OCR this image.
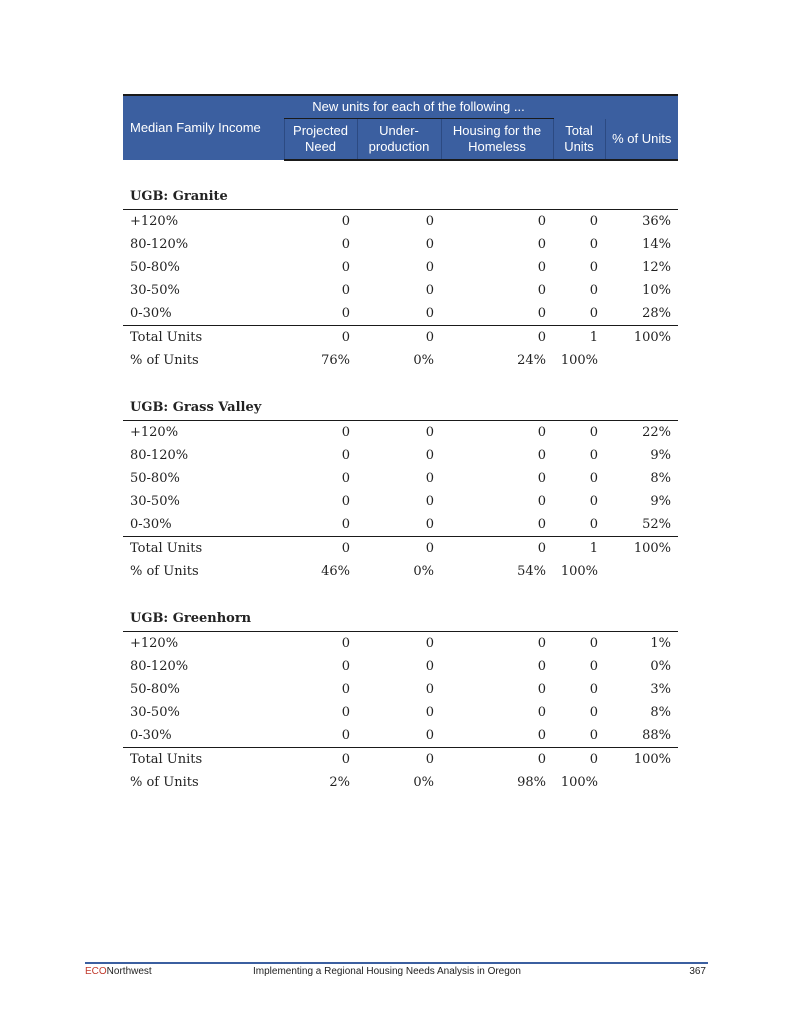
Median Family Income	New units for each of the following ...				
	Projected Need	Under-production	Housing for the Homeless	Total Units	% of Units

UGB: Granite					
+120%	0	0	0	0	36%
80-120%	0	0	0	0	14%
50-80%	0	0	0	0	12%
30-50%	0	0	0	0	10%
0-30%	0	0	0	0	28%
Total Units	0	0	0	1	100%
% of Units	76%	0%	24%	100%	

UGB: Grass Valley					
+120%	0	0	0	0	22%
80-120%	0	0	0	0	9%
50-80%	0	0	0	0	8%
30-50%	0	0	0	0	9%
0-30%	0	0	0	0	52%
Total Units	0	0	0	1	100%
% of Units	46%	0%	54%	100%	

UGB: Greenhorn					
+120%	0	0	0	0	1%
80-120%	0	0	0	0	0%
50-80%	0	0	0	0	3%
30-50%	0	0	0	0	8%
0-30%	0	0	0	0	88%
Total Units	0	0	0	0	100%
% of Units	2%	0%	98%	100%	
ECONorthwest	Implementing a Regional Housing Needs Analysis in Oregon	367
